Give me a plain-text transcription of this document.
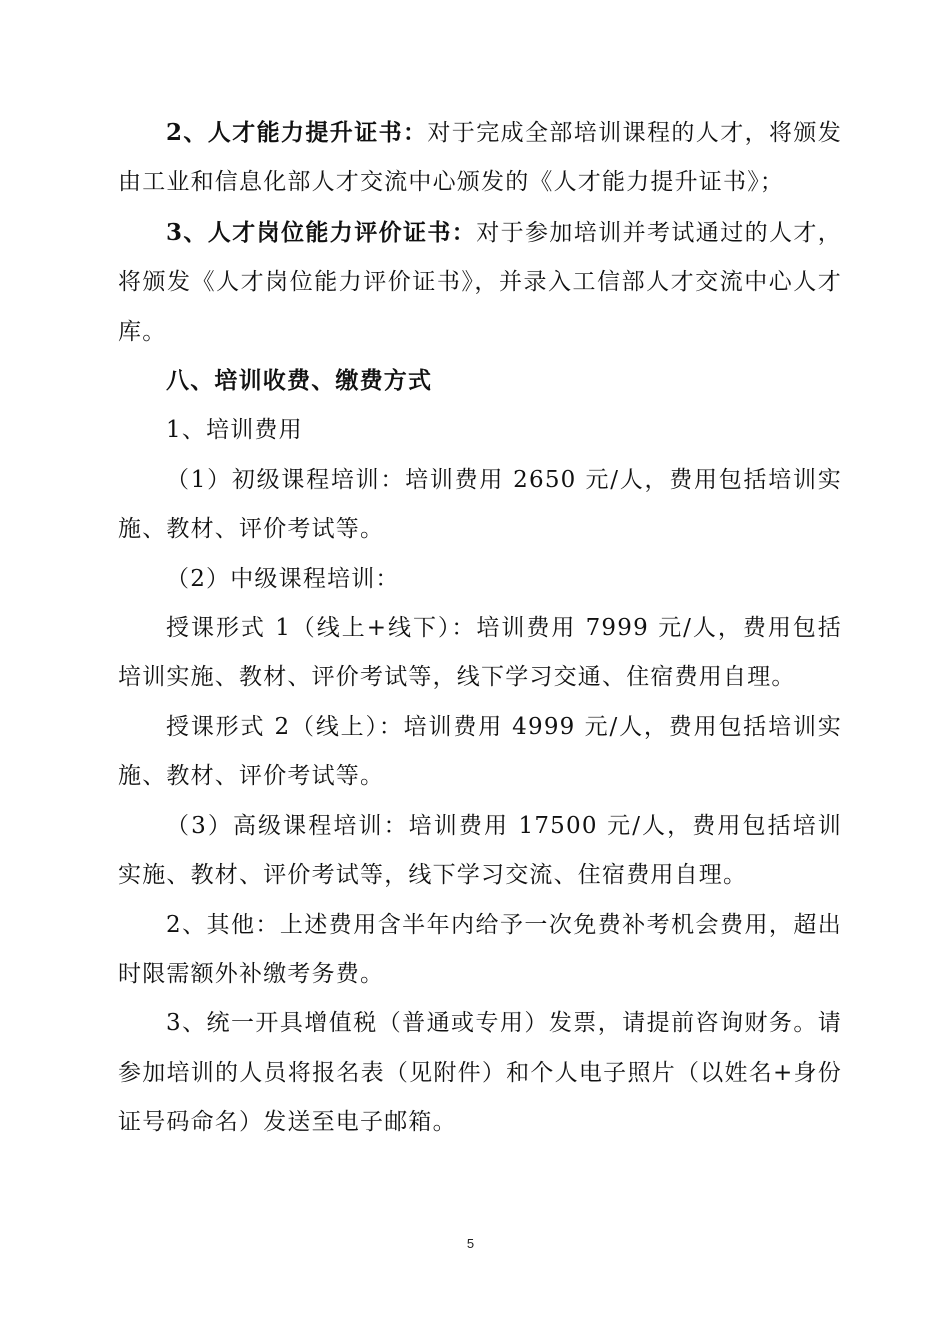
2、人才能力提升证书：对于完成全部培训课程的人才，将颁发由工业和信息化部人才交流中心颁发的《人才能力提升证书》；

3、人才岗位能力评价证书：对于参加培训并考试通过的人才，将颁发《人才岗位能力评价证书》，并录入工信部人才交流中心人才库。

八、培训收费、缴费方式

1、培训费用

（1）初级课程培训：培训费用 2650 元/人，费用包括培训实施、教材、评价考试等。

（2）中级课程培训：

授课形式 1（线上+线下）：培训费用 7999 元/人，费用包括培训实施、教材、评价考试等，线下学习交通、住宿费用自理。

授课形式 2（线上）：培训费用 4999 元/人，费用包括培训实施、教材、评价考试等。

（3）高级课程培训：培训费用 17500 元/人，费用包括培训实施、教材、评价考试等，线下学习交流、住宿费用自理。

2、其他：上述费用含半年内给予一次免费补考机会费用，超出时限需额外补缴考务费。

3、统一开具增值税（普通或专用）发票，请提前咨询财务。请参加培训的人员将报名表（见附件）和个人电子照片（以姓名+身份证号码命名）发送至电子邮箱。

5
